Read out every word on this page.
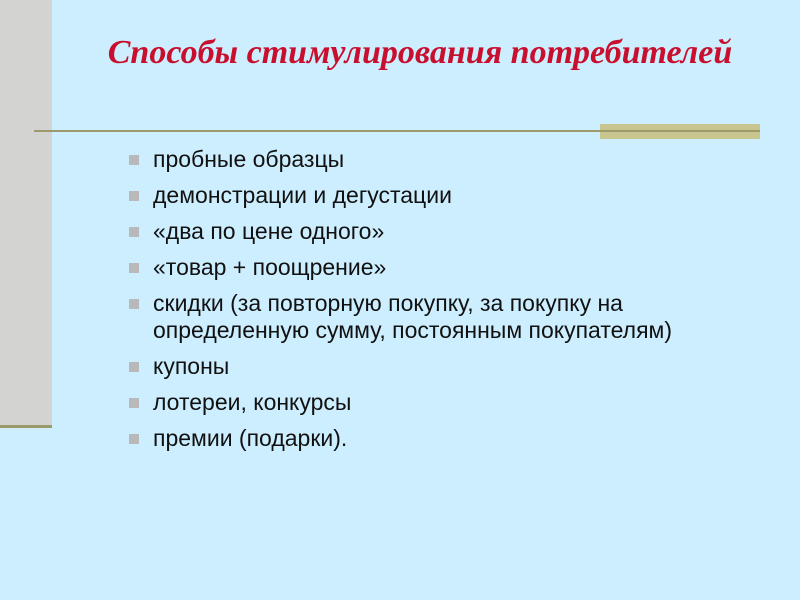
Способы стимулирования потребителей
пробные образцы
демонстрации и дегустации
«два по цене одного»
«товар + поощрение»
скидки (за повторную покупку, за покупку на определенную сумму, постоянным покупателям)
купоны
лотереи, конкурсы
премии (подарки).
